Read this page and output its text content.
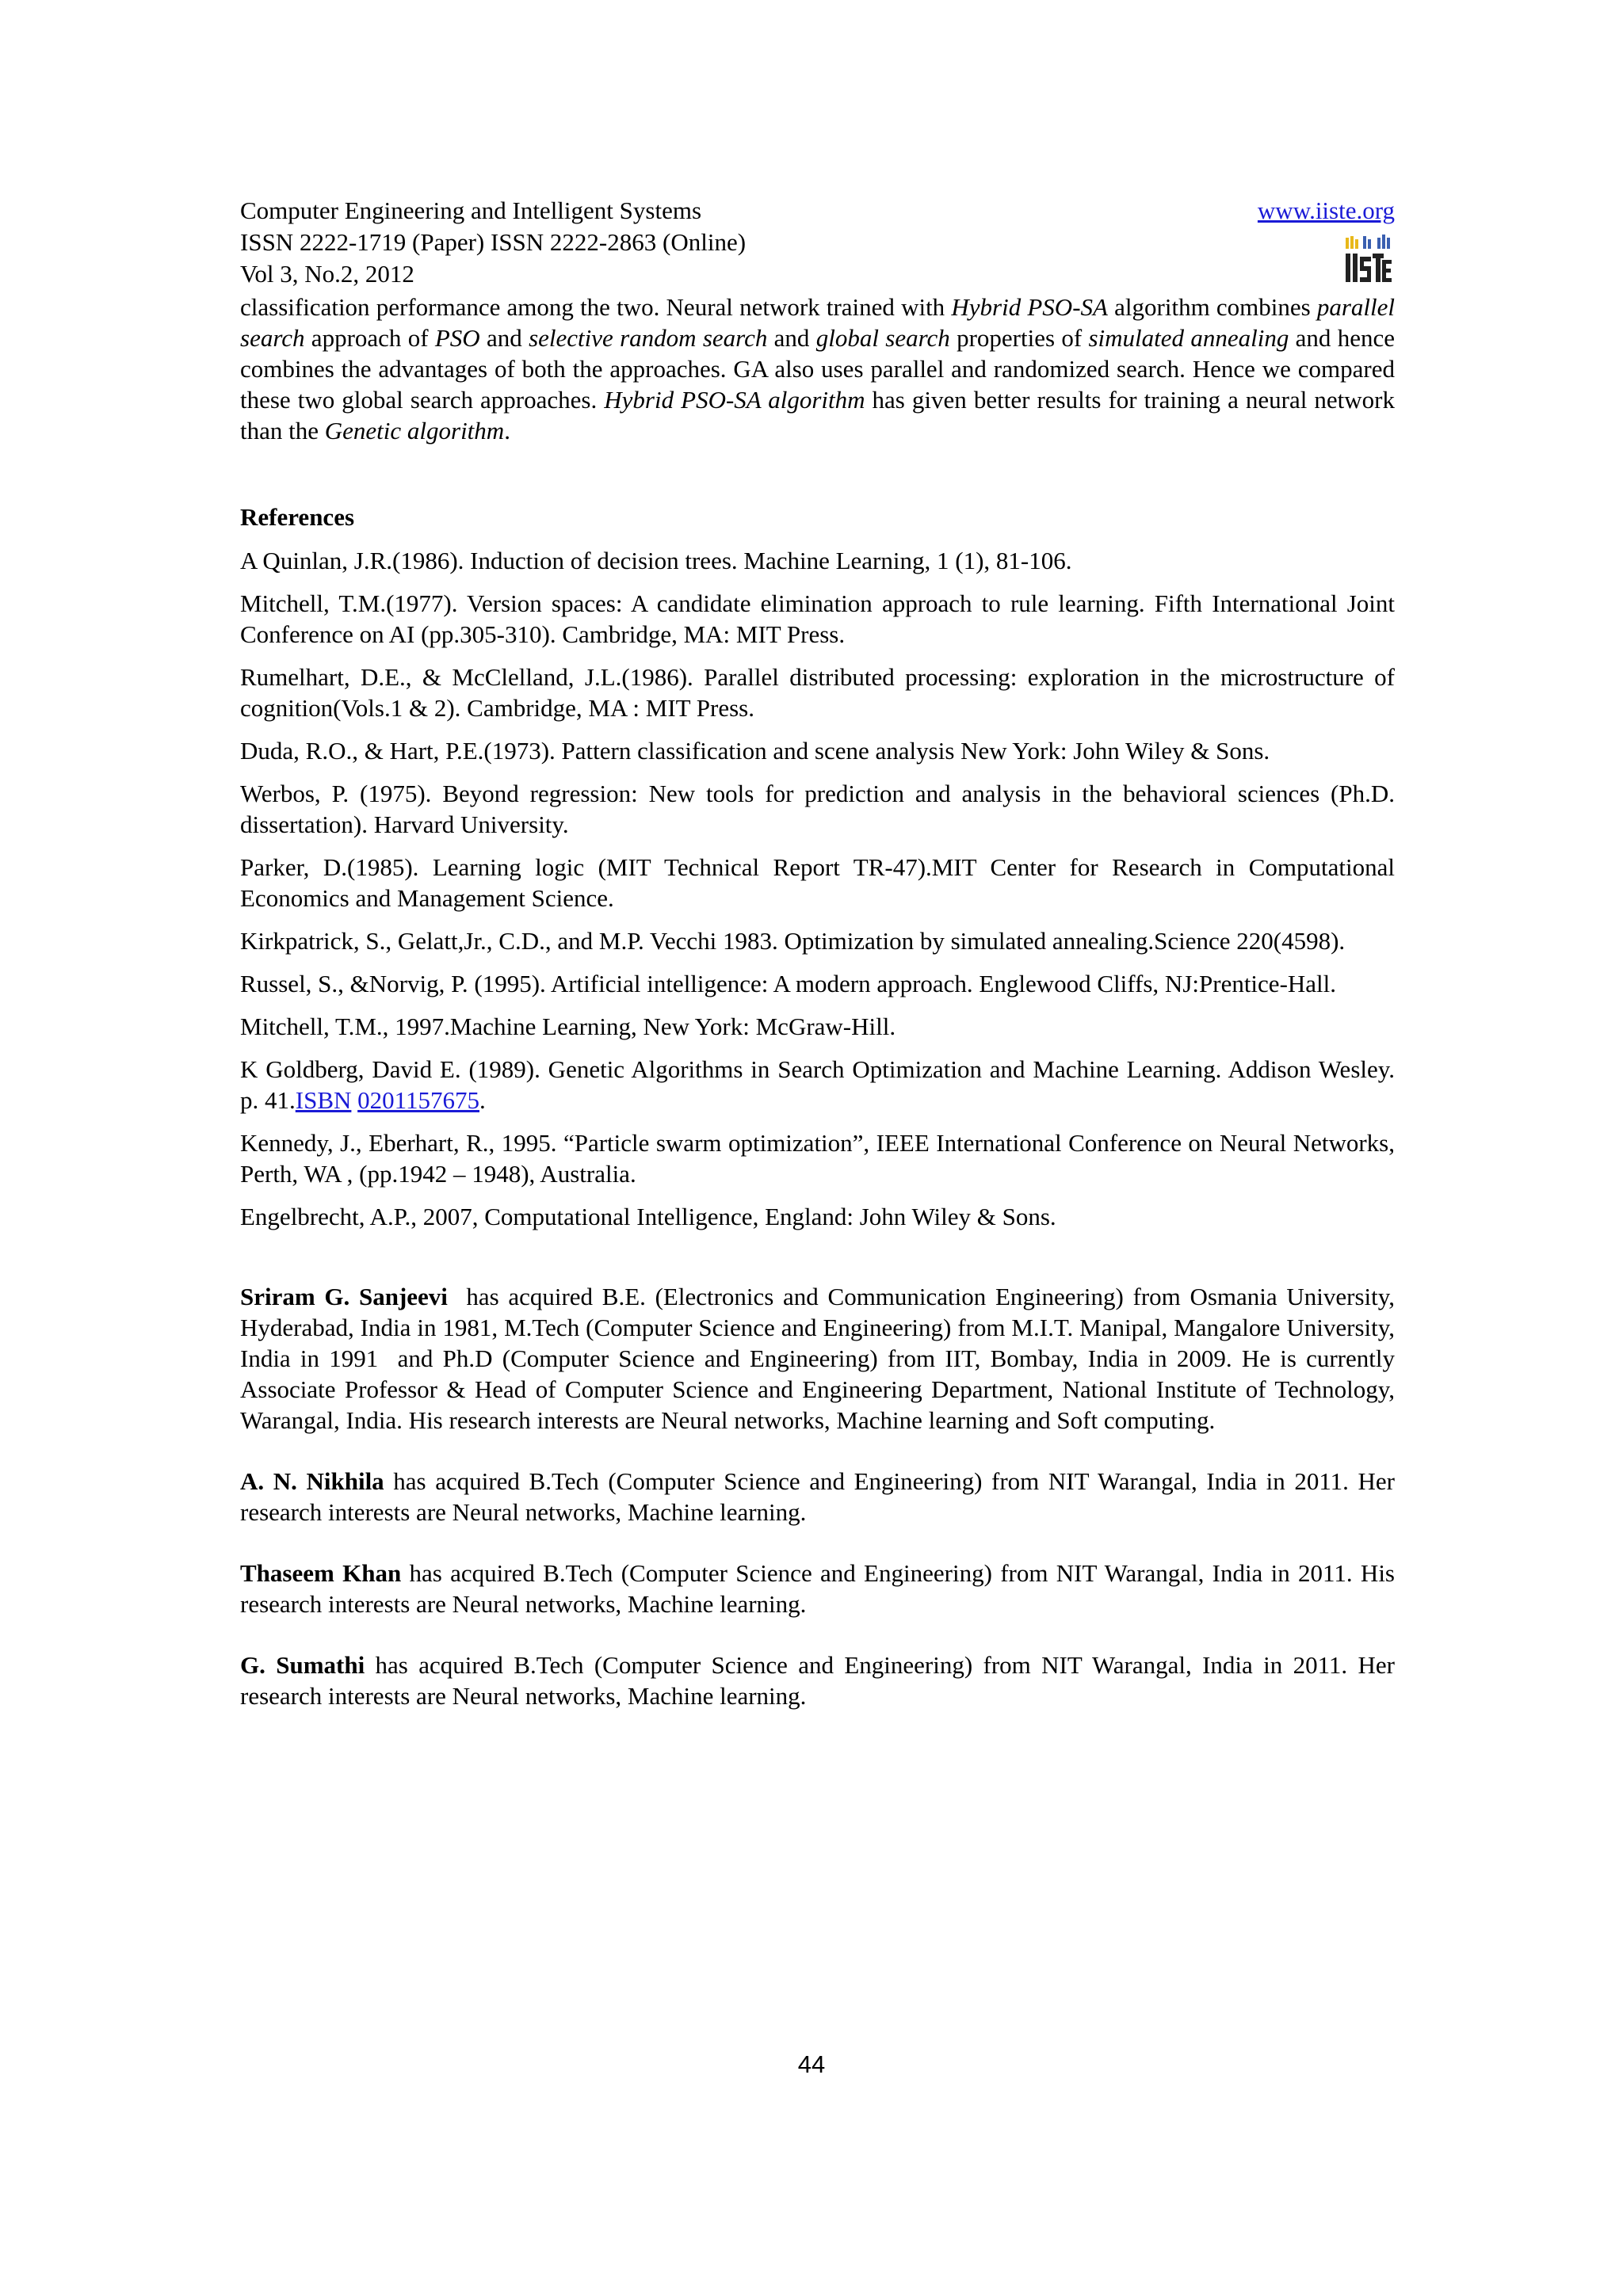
Computer Engineering and Intelligent Systems	www.iiste.org
ISSN 2222-1719 (Paper) ISSN 2222-2863 (Online)
Vol 3, No.2, 2012

classification performance among the two. Neural network trained with Hybrid PSO-SA algorithm combines parallel search approach of PSO and selective random search and global search properties of simulated annealing and hence combines the advantages of both the approaches. GA also uses parallel and randomized search. Hence we compared these two global search approaches. Hybrid PSO-SA algorithm has given better results for training a neural network than the Genetic algorithm.

References

A Quinlan, J.R.(1986). Induction of decision trees. Machine Learning, 1 (1), 81-106.

Mitchell, T.M.(1977). Version spaces: A candidate elimination approach to rule learning. Fifth International Joint Conference on AI (pp.305-310). Cambridge, MA: MIT Press.

Rumelhart, D.E., & McClelland, J.L.(1986). Parallel distributed processing: exploration in the microstructure of cognition(Vols.1 & 2). Cambridge, MA : MIT Press.

Duda, R.O., & Hart, P.E.(1973). Pattern classification and scene analysis New York: John Wiley & Sons.

Werbos, P. (1975). Beyond regression: New tools for prediction and analysis in the behavioral sciences (Ph.D. dissertation). Harvard University.

Parker, D.(1985). Learning logic (MIT Technical Report TR-47).MIT Center for Research in Computational Economics and Management Science.

Kirkpatrick, S., Gelatt,Jr., C.D., and M.P. Vecchi 1983. Optimization by simulated annealing.Science 220(4598).

Russel, S., &Norvig, P. (1995). Artificial intelligence: A modern approach. Englewood Cliffs, NJ:Prentice-Hall.

Mitchell, T.M., 1997.Machine Learning, New York: McGraw-Hill.

K Goldberg, David E. (1989). Genetic Algorithms in Search Optimization and Machine Learning. Addison Wesley. p. 41.ISBN 0201157675.

Kennedy, J., Eberhart, R., 1995. “Particle swarm optimization”, IEEE International Conference on Neural Networks, Perth, WA , (pp.1942 – 1948), Australia.

Engelbrecht, A.P., 2007, Computational Intelligence, England: John Wiley & Sons.

Sriram G. Sanjeevi  has acquired B.E. (Electronics and Communication Engineering) from Osmania University, Hyderabad, India in 1981, M.Tech (Computer Science and Engineering) from M.I.T. Manipal, Mangalore University, India in 1991  and Ph.D (Computer Science and Engineering) from IIT, Bombay, India in 2009. He is currently Associate Professor & Head of Computer Science and Engineering Department, National Institute of Technology, Warangal, India. His research interests are Neural networks, Machine learning and Soft computing.

A. N. Nikhila has acquired B.Tech (Computer Science and Engineering) from NIT Warangal, India in 2011. Her research interests are Neural networks, Machine learning.

Thaseem Khan has acquired B.Tech (Computer Science and Engineering) from NIT Warangal, India in 2011. His research interests are Neural networks, Machine learning.

G. Sumathi has acquired B.Tech (Computer Science and Engineering) from NIT Warangal, India in 2011. Her research interests are Neural networks, Machine learning.

44
